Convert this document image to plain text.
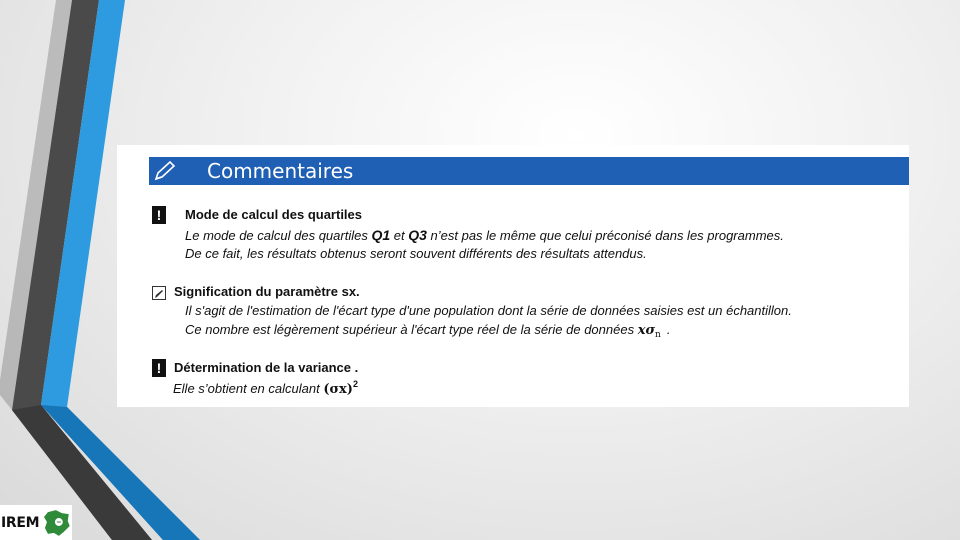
IREM
Commentaires
!	Mode de calcul des quartiles
Le mode de calcul des quartiles Q1 et Q3 n’est pas le même que celui préconisé dans les programmes.
De ce fait, les résultats obtenus seront souvent différents des résultats attendus.
Signification du paramètre sx.
Il s'agit de l'estimation de l'écart type d'une population dont la série de données saisies est un échantillon.
Ce nombre est légèrement supérieur à l'écart type réel de la série de données $x\sigma_n$ .
! Détermination de la variance .
Elle s’obtient en calculant $(\sigma x)^2$
